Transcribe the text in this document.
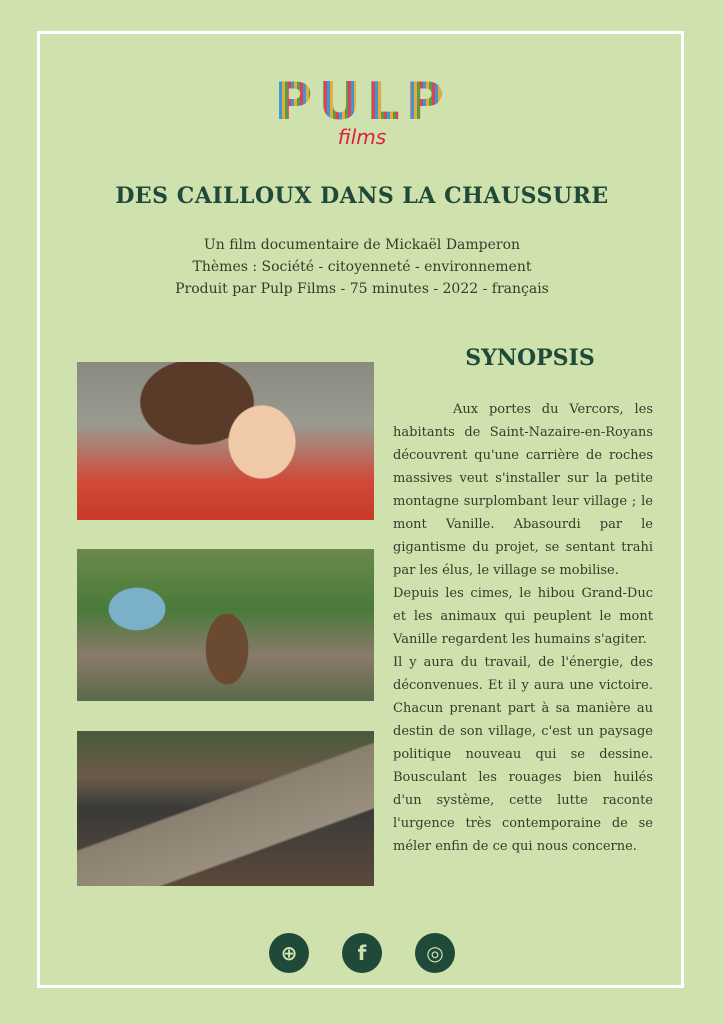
PULP
films
DES CAILLOUX DANS LA CHAUSSURE
Un film documentaire de Mickaël Damperon
Thèmes : Société - citoyenneté - environnement
Produit par Pulp Films - 75 minutes - 2022 - français
SYNOPSIS

Aux portes du Vercors, les habitants de Saint-Nazaire-en-Royans découvrent qu'une carrière de roches massives veut s'installer sur la petite montagne surplombant leur village ; le mont Vanille. Abasourdi par le gigantisme du projet, se sentant trahi par les élus, le village se mobilise.

Depuis les cimes, le hibou Grand-Duc et les animaux qui peuplent le mont Vanille regardent les humains s'agiter.

Il y aura du travail, de l'énergie, des déconvenues. Et il y aura une victoire. Chacun prenant part à sa manière au destin de son village, c'est un paysage politique nouveau qui se dessine. Bousculant les rouages bien huilés d'un système, cette lutte raconte l'urgence très contemporaine de se méler enfin de ce qui nous concerne.

⊕	f	◎
